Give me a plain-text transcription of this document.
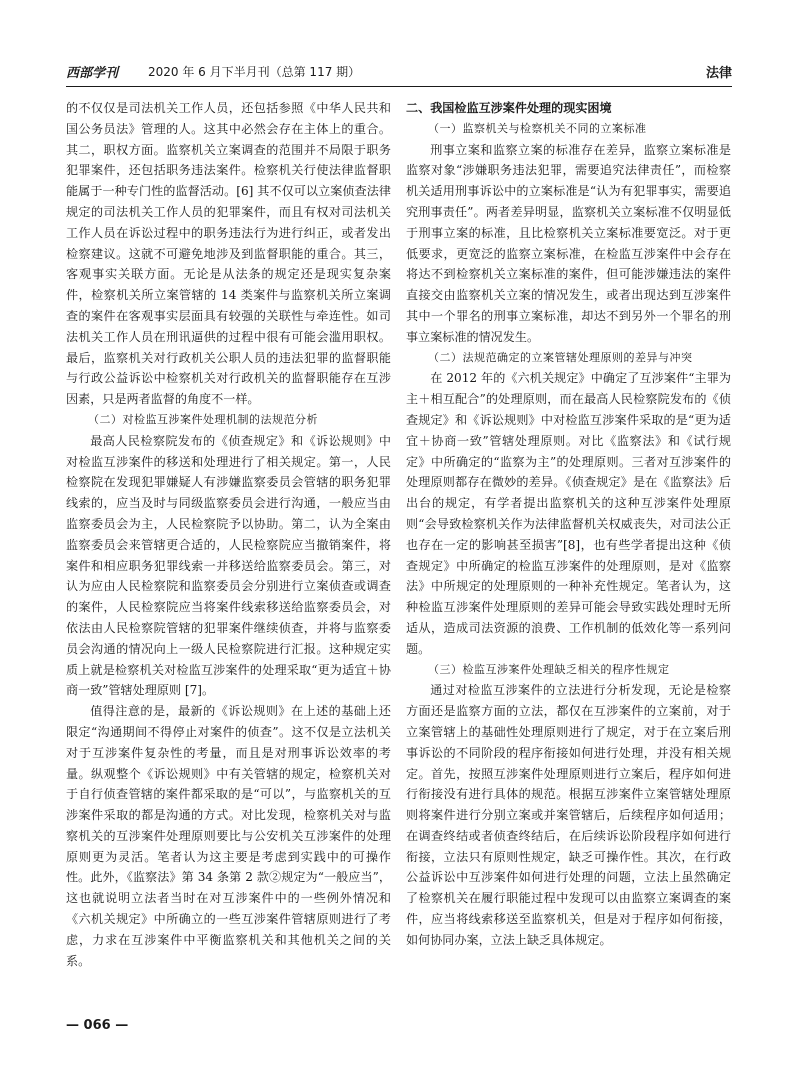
西部学刊 2020 年 6 月下半月刊（总第 117 期）	法律

的不仅仅是司法机关工作人员，还包括参照《中华人民共和国公务员法》管理的人。这其中必然会存在主体上的重合。其二，职权方面。监察机关立案调查的范围并不局限于职务犯罪案件，还包括职务违法案件。检察机关行使法律监督职能属于一种专门性的监督活动。[6] 其不仅可以立案侦查法律规定的司法机关工作人员的犯罪案件，而且有权对司法机关工作人员在诉讼过程中的职务违法行为进行纠正，或者发出检察建议。这就不可避免地涉及到监督职能的重合。其三，客观事实关联方面。无论是从法条的规定还是现实复杂案件，检察机关所立案管辖的 14 类案件与监察机关所立案调查的案件在客观事实层面具有较强的关联性与牵连性。如司法机关工作人员在刑讯逼供的过程中很有可能会滥用职权。最后，监察机关对行政机关公职人员的违法犯罪的监督职能与行政公益诉讼中检察机关对行政机关的监督职能存在互涉因素，只是两者监督的角度不一样。

（二）对检监互涉案件处理机制的法规范分析

最高人民检察院发布的《侦查规定》和《诉讼规则》中对检监互涉案件的移送和处理进行了相关规定。第一，人民检察院在发现犯罪嫌疑人有涉嫌监察委员会管辖的职务犯罪线索的，应当及时与同级监察委员会进行沟通，一般应当由监察委员会为主，人民检察院予以协助。第二，认为全案由监察委员会来管辖更合适的，人民检察院应当撤销案件，将案件和相应职务犯罪线索一并移送给监察委员会。第三，对认为应由人民检察院和监察委员会分别进行立案侦查或调查的案件，人民检察院应当将案件线索移送给监察委员会，对依法由人民检察院管辖的犯罪案件继续侦查，并将与监察委员会沟通的情况向上一级人民检察院进行汇报。这种规定实质上就是检察机关对检监互涉案件的处理采取“更为适宜＋协商一致”管辖处理原则 [7]。

值得注意的是，最新的《诉讼规则》在上述的基础上还限定“沟通期间不得停止对案件的侦查”。这不仅是立法机关对于互涉案件复杂性的考量，而且是对刑事诉讼效率的考量。纵观整个《诉讼规则》中有关管辖的规定，检察机关对于自行侦查管辖的案件都采取的是“可以”，与监察机关的互涉案件采取的都是沟通的方式。对比发现，检察机关对与监察机关的互涉案件处理原则要比与公安机关互涉案件的处理原则更为灵活。笔者认为这主要是考虑到实践中的可操作性。此外，《监察法》第 34 条第 2 款②规定为“一般应当”，这也就说明立法者当时在对互涉案件中的一些例外情况和《六机关规定》中所确立的一些互涉案件管辖原则进行了考虑，力求在互涉案件中平衡监察机关和其他机关之间的关系。

二、我国检监互涉案件处理的现实困境
（一）监察机关与检察机关不同的立案标准

刑事立案和监察立案的标准存在差异，监察立案标准是监察对象“涉嫌职务违法犯罪，需要追究法律责任”，而检察机关适用刑事诉讼中的立案标准是“认为有犯罪事实，需要追究刑事责任”。两者差异明显，监察机关立案标准不仅明显低于刑事立案的标准，且比检察机关立案标准要宽泛。对于更低要求，更宽泛的监察立案标准，在检监互涉案件中会存在将达不到检察机关立案标准的案件，但可能涉嫌违法的案件直接交由监察机关立案的情况发生，或者出现达到互涉案件其中一个罪名的刑事立案标准，却达不到另外一个罪名的刑事立案标准的情况发生。

（二）法规范确定的立案管辖处理原则的差异与冲突

在 2012 年的《六机关规定》中确定了互涉案件“主罪为主＋相互配合”的处理原则，而在最高人民检察院发布的《侦查规定》和《诉讼规则》中对检监互涉案件采取的是“更为适宜＋协商一致”管辖处理原则。对比《监察法》和《试行规定》中所确定的“监察为主”的处理原则。三者对互涉案件的处理原则都存在微妙的差异。《侦查规定》是在《监察法》后出台的规定，有学者提出监察机关的这种互涉案件处理原则“会导致检察机关作为法律监督机关权威丧失，对司法公正也存在一定的影响甚至损害”[8]，也有些学者提出这种《侦查规定》中所确定的检监互涉案件的处理原则，是对《监察法》中所规定的处理原则的一种补充性规定。笔者认为，这种检监互涉案件处理原则的差异可能会导致实践处理时无所适从，造成司法资源的浪费、工作机制的低效化等一系列问题。

（三）检监互涉案件处理缺乏相关的程序性规定

通过对检监互涉案件的立法进行分析发现，无论是检察方面还是监察方面的立法，都仅在互涉案件的立案前，对于立案管辖上的基础性处理原则进行了规定，对于在立案后刑事诉讼的不同阶段的程序衔接如何进行处理，并没有相关规定。首先，按照互涉案件处理原则进行立案后，程序如何进行衔接没有进行具体的规范。根据互涉案件立案管辖处理原则将案件进行分别立案或并案管辖后，后续程序如何适用；在调查终结或者侦查终结后，在后续诉讼阶段程序如何进行衔接，立法只有原则性规定，缺乏可操作性。其次，在行政公益诉讼中互涉案件如何进行处理的问题，立法上虽然确定了检察机关在履行职能过程中发现可以由监察立案调查的案件，应当将线索移送至监察机关，但是对于程序如何衔接，如何协同办案，立法上缺乏具体规定。

— 066 —
